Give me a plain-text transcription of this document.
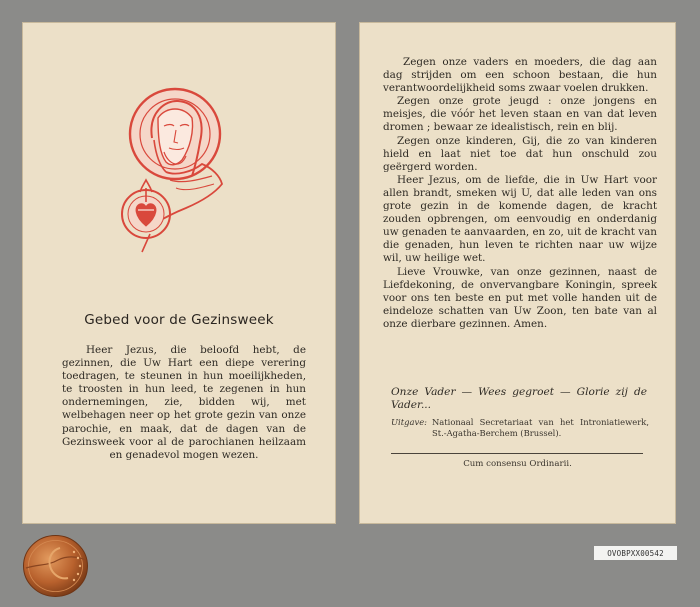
Gebed voor de Gezinsweek

Heer Jezus, die beloofd hebt, de gezinnen, die Uw Hart een diepe verering toedragen, te steunen in hun moeilijkheden, te troosten in hun leed, te zegenen in hun ondernemingen, zie, bidden wij, met welbehagen neer op het grote gezin van onze parochie, en maak, dat de dagen van de Gezinsweek voor al de parochianen heilzaam en genadevol mogen wezen.

Zegen onze vaders en moeders, die dag aan dag strijden om een schoon bestaan, die hun verantwoordelijkheid soms zwaar voelen drukken.

Zegen onze grote jeugd : onze jongens en meisjes, die vóór het leven staan en van dat leven dromen ; bewaar ze idealistisch, rein en blij.

Zegen onze kinderen, Gij, die zo van kinderen hield en laat niet toe dat hun onschuld zou geërgerd worden.

Heer Jezus, om de liefde, die in Uw Hart voor allen brandt, smeken wij U, dat alle leden van ons grote gezin in de komende dagen, de kracht zouden opbrengen, om eenvoudig en onderdanig uw genaden te aanvaarden, en zo, uit de kracht van die genaden, hun leven te richten naar uw wijze wil, uw heilige wet.

Lieve Vrouwke, van onze gezinnen, naast de Liefdekoning, de onvervangbare Koningin, spreek voor ons ten beste en put met volle handen uit de eindeloze schatten van Uw Zoon, ten bate van al onze dierbare gezinnen. Amen.

Onze Vader — Wees gegroet — Glorie zij de Vader...
Uitgave: Nationaal Secretariaat van het Introniatiewerk, St.-Agatha-Berchem (Brussel).
Cum consensu Ordinarii.
OVOBPXX00542
